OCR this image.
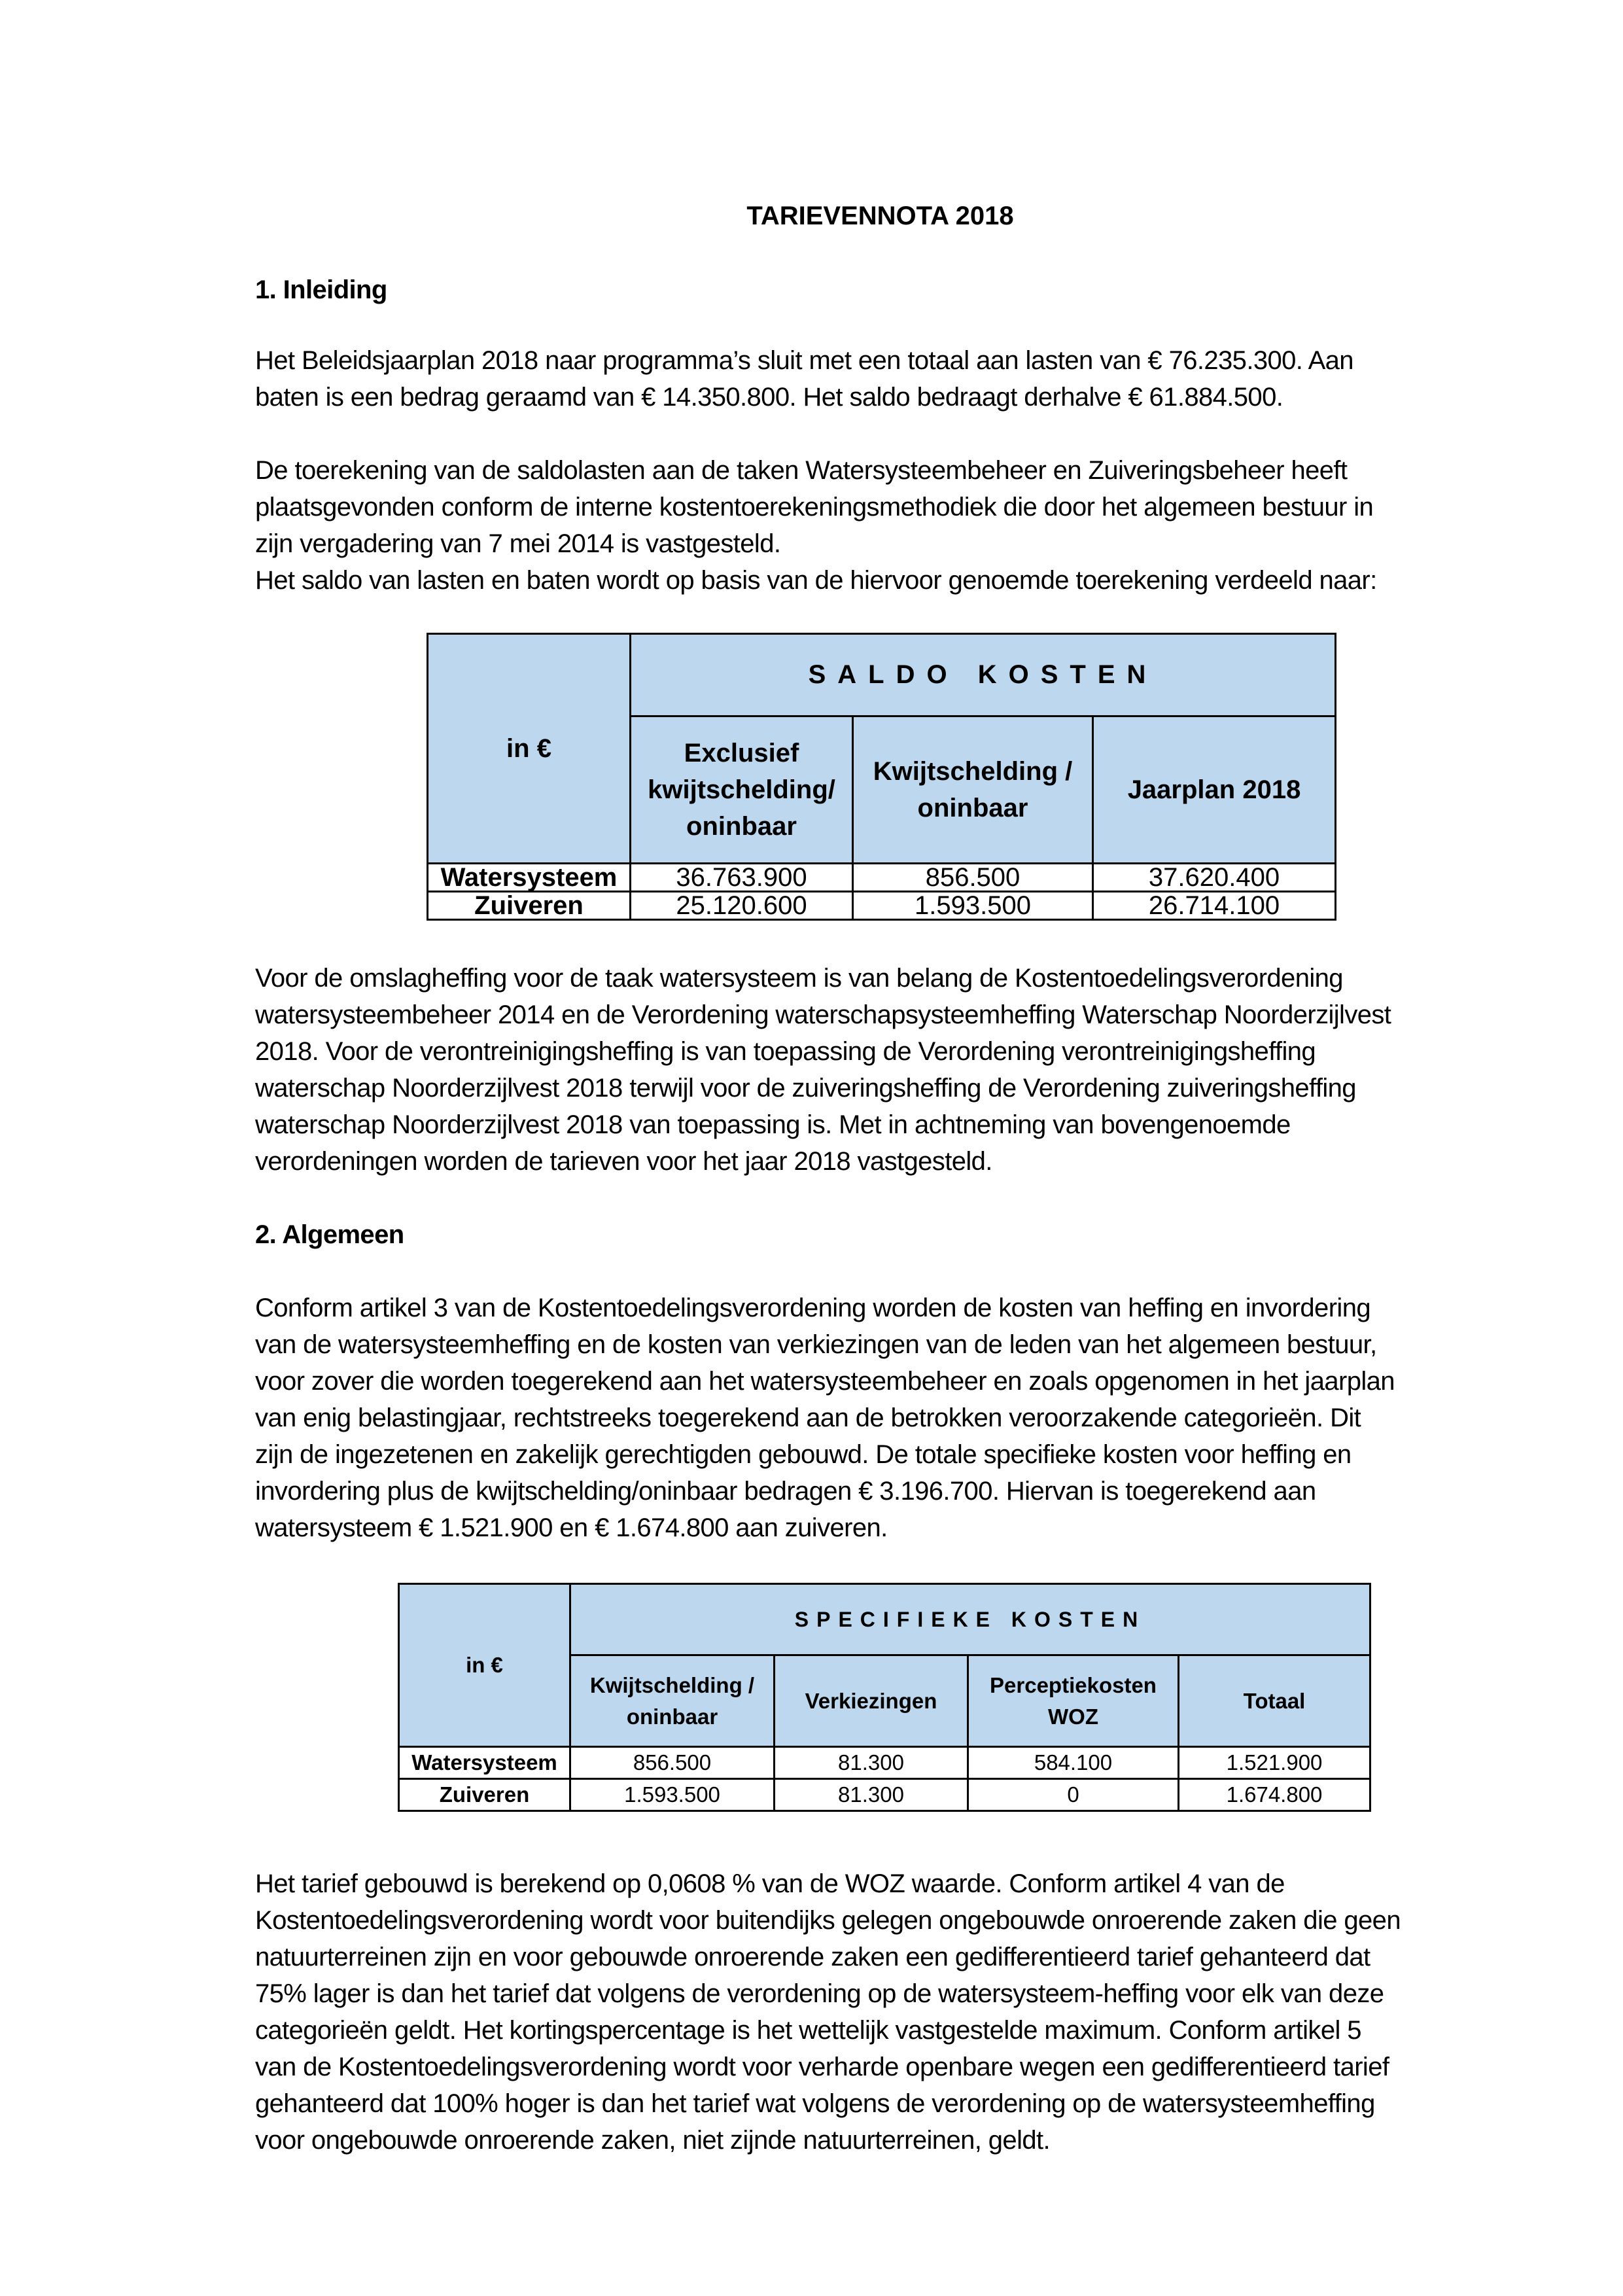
TARIEVENNOTA 2018
1. Inleiding
Het Beleidsjaarplan 2018 naar programma’s sluit met een totaal aan lasten van € 76.235.300. Aan
baten is een bedrag geraamd van € 14.350.800. Het saldo bedraagt derhalve € 61.884.500.
De toerekening van de saldolasten aan de taken Watersysteembeheer en Zuiveringsbeheer heeft
plaatsgevonden conform de interne kostentoerekeningsmethodiek die door het algemeen bestuur in
zijn vergadering van 7 mei 2014 is vastgesteld.
Het saldo van lasten en baten wordt op basis van de hiervoor genoemde toerekening verdeeld naar:
in €	SALDO KOSTEN		

	Exclusief
kwijtschelding/
oninbaar	Kwijtschelding /
oninbaar	Jaarplan 2018

Watersysteem	36.763.900	856.500	37.620.400
Zuiveren	25.120.600	1.593.500	26.714.100
Voor de omslagheffing voor de taak watersysteem is van belang de Kostentoedelingsverordening
watersysteembeheer 2014 en de Verordening waterschapsysteemheffing Waterschap Noorderzijlvest
2018. Voor de verontreinigingsheffing is van toepassing de Verordening verontreinigingsheffing
waterschap Noorderzijlvest 2018 terwijl voor de zuiveringsheffing de Verordening zuiveringsheffing
waterschap Noorderzijlvest 2018 van toepassing is. Met in achtneming van bovengenoemde
verordeningen worden de tarieven voor het jaar 2018 vastgesteld.
2. Algemeen
Conform artikel 3 van de Kostentoedelingsverordening worden de kosten van heffing en invordering
van de watersysteemheffing en de kosten van verkiezingen van de leden van het algemeen bestuur,
voor zover die worden toegerekend aan het watersysteembeheer en zoals opgenomen in het jaarplan
van enig belastingjaar, rechtstreeks toegerekend aan de betrokken veroorzakende categorieën. Dit
zijn de ingezetenen en zakelijk gerechtigden gebouwd. De totale specifieke kosten voor heffing en
invordering plus de kwijtschelding/oninbaar bedragen € 3.196.700. Hiervan is toegerekend aan
watersysteem € 1.521.900 en € 1.674.800 aan zuiveren.
in €	SPECIFIEKE KOSTEN			

	Kwijtschelding /
oninbaar	Verkiezingen	Perceptiekosten
WOZ	Totaal

Watersysteem	856.500	81.300	584.100	1.521.900
Zuiveren	1.593.500	81.300	0	1.674.800
Het tarief gebouwd is berekend op 0,0608 % van de WOZ waarde. Conform artikel 4 van de
Kostentoedelingsverordening wordt voor buitendijks gelegen ongebouwde onroerende zaken die geen
natuurterreinen zijn en voor gebouwde onroerende zaken een gedifferentieerd tarief gehanteerd dat
75% lager is dan het tarief dat volgens de verordening op de watersysteem-heffing voor elk van deze
categorieën geldt. Het kortingspercentage is het wettelijk vastgestelde maximum. Conform artikel 5
van de Kostentoedelingsverordening wordt voor verharde openbare wegen een gedifferentieerd tarief
gehanteerd dat 100% hoger is dan het tarief wat volgens de verordening op de watersysteemheffing
voor ongebouwde onroerende zaken, niet zijnde natuurterreinen, geldt.
